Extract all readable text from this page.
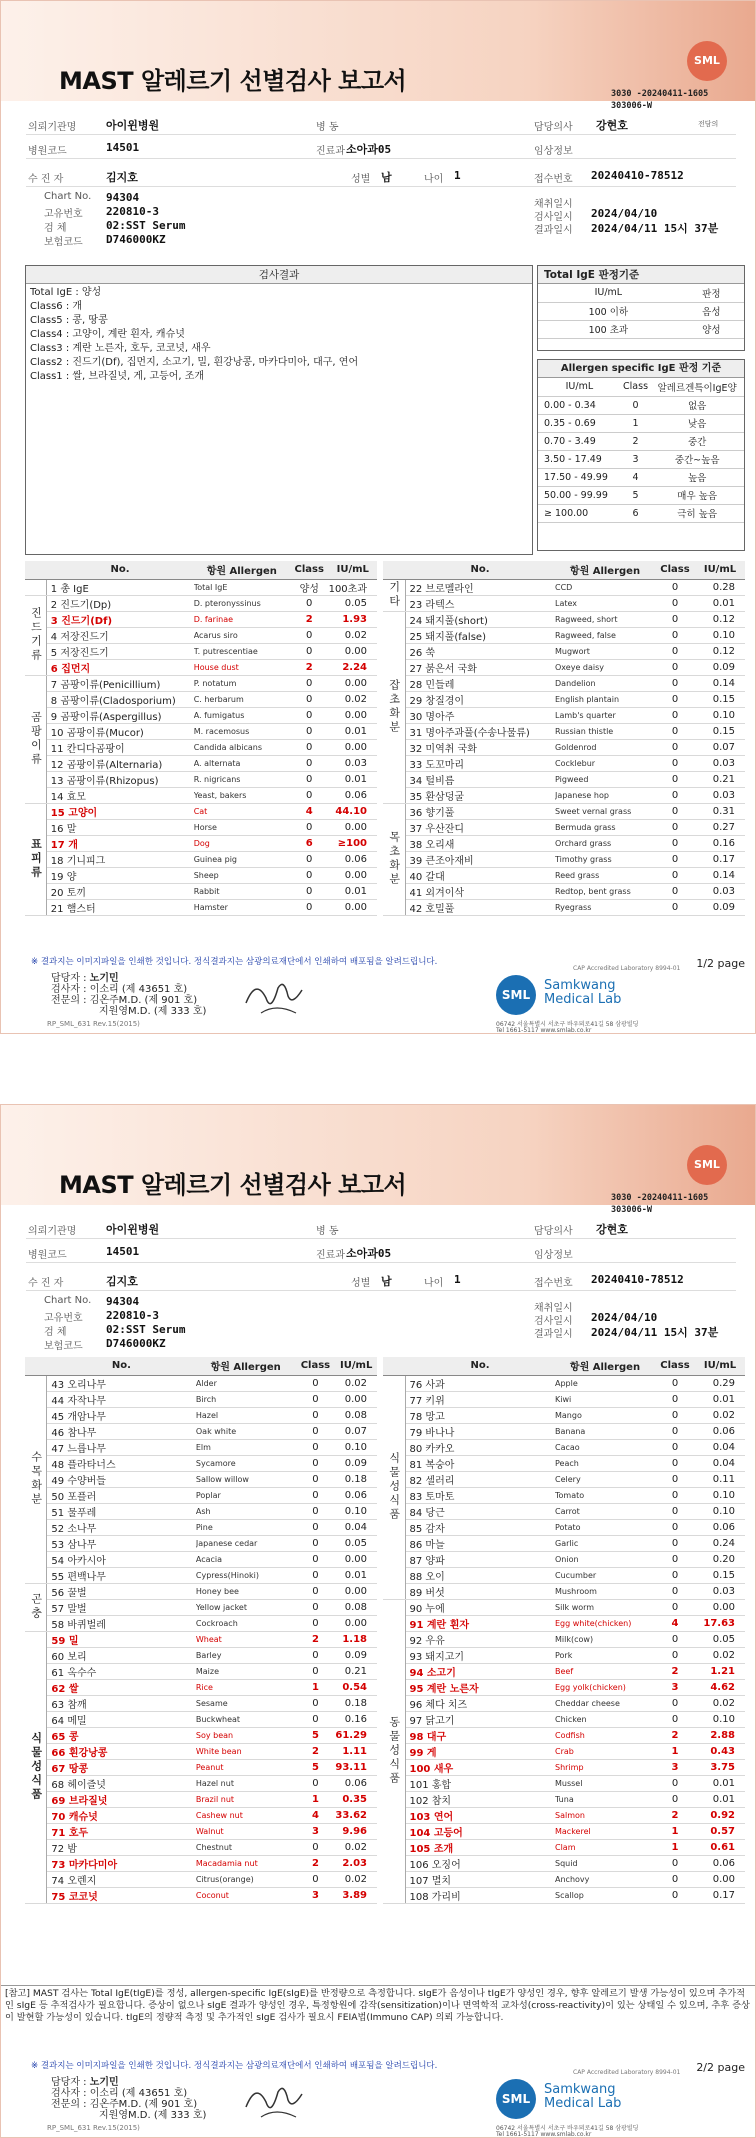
MAST 알레르기 선별검사 보고서
SML
3030 -20240411-1605
303006-W
의뢰기관명	아이윈병원	병 동	담당의사 강현호	전담의
병원코드	14501	진료과 소아과05	임상정보
수 진 자	김지호	성별 남	나이 1	접수번호 20240410-78512
Chart No. 94304
고유번호 220810-3
검 체	02:SST Serum
보험코드 D746000KZ
채취일시
검사일시 2024/04/10
결과일시 2024/04/11 15시 37분
검사결과
Total IgE : 양성
Class6 : 개
Class5 : 콩, 땅콩
Class4 : 고양이, 계란 흰자, 캐슈넛
Class3 : 계란 노른자, 호두, 코코넛, 새우
Class2 : 진드기(Df), 집먼지, 소고기, 밀, 흰강낭콩, 마카다미아, 대구, 연어
Class1 : 쌀, 브라질넛, 게, 고등어, 조개
Total IgE 판정기준
IU/mL	판정
100 이하	음성
100 초과	양성
Allergen specific IgE 판정 기준
IU/mL	Class	알레르겐특이IgE양
0.00 - 0.34	0	없음
0.35 - 0.69	1	낮음
0.70 - 3.49	2	중간
3.50 - 17.49	3	중간~높음
17.50 - 49.99	4	높음
50.00 - 99.99	5	매우 높음
≥ 100.00	6	극히 높음
	No.	항원 Allergen	Class	IU/mL
	1 총 IgE	Total IgE	양성	100초과
진드기류	2 진드기(Dp)	D. pteronyssinus	0	0.05
	3 진드기(Df)	D. farinae	2	1.93
	4 저장진드기	Acarus siro	0	0.02
	5 저장진드기	T. putrescentiae	0	0.00
	6 집먼지	House dust	2	2.24
곰팡이류	7 곰팡이류(Penicillium)	P. notatum	0	0.00
	8 곰팡이류(Cladosporium)	C. herbarum	0	0.02
	9 곰팡이류(Aspergillus)	A. fumigatus	0	0.00
	10 곰팡이류(Mucor)	M. racemosus	0	0.01
	11 칸디다곰팡이	Candida albicans	0	0.00
	12 곰팡이류(Alternaria)	A. alternata	0	0.03
	13 곰팡이류(Rhizopus)	R. nigricans	0	0.01
	14 효모	Yeast, bakers	0	0.06
표피류	15 고양이	Cat	4	44.10
	16 말	Horse	0	0.00
	17 개	Dog	6	≥100
	18 기니피그	Guinea pig	0	0.06
	19 양	Sheep	0	0.00
	20 토끼	Rabbit	0	0.01
	21 햄스터	Hamster	0	0.00
	No.	항원 Allergen	Class	IU/mL
기타	22 브로멜라인	CCD	0	0.28
	23 라텍스	Latex	0	0.01
잡초화분	24 돼지풀(short)	Ragweed, short	0	0.12
	25 돼지풀(false)	Ragweed, false	0	0.10
	26 쑥	Mugwort	0	0.12
	27 붉은서 국화	Oxeye daisy	0	0.09
	28 민들레	Dandelion	0	0.14
	29 창질경이	English plantain	0	0.15
	30 명아주	Lamb's quarter	0	0.10
	31 명아주과풀(수송나물류)	Russian thistle	0	0.15
	32 미역취 국화	Goldenrod	0	0.07
	33 도꼬마리	Cocklebur	0	0.03
	34 털비름	Pigweed	0	0.21
	35 환삼덩굴	Japanese hop	0	0.03
목초화분	36 향기풀	Sweet vernal grass	0	0.31
	37 우산잔디	Bermuda grass	0	0.27
	38 오리새	Orchard grass	0	0.16
	39 큰조아재비	Timothy grass	0	0.17
	40 갈대	Reed grass	0	0.14
	41 외겨이삭	Redtop, bent grass	0	0.03
	42 호밀풀	Ryegrass	0	0.09
※ 결과지는 이미지파일을 인쇄한 것입니다. 정식결과지는 삼광의료재단에서 인쇄하여 배포됨을 알려드립니다.
CAP Accredited Laboratory 8994-01 1/2 page
담당자 : 노기민
검사자 : 이소리 (제 43651 호)
전문의 : 김온주M.D. (제 901 호)
지원영M.D. (제 333 호)
SML
Samkwang
Medical Lab
06742 서울특별시 서초구 바우뫼로41길 58 삼광빌딩
Tel 1661-5117 www.smlab.co.kr
RP_SML_631 Rev.15(2015)
MAST 알레르기 선별검사 보고서
SML
3030 -20240411-1605
303006-W
의뢰기관명	아이윈병원	병 동	담당의사 강현호
병원코드	14501	진료과 소아과05	임상정보
수 진 자	김지호	성별 남	나이 1	접수번호 20240410-78512
Chart No. 94304
고유번호 220810-3
검 체	02:SST Serum
보험코드 D746000KZ
채취일시
검사일시 2024/04/10
결과일시 2024/04/11 15시 37분
	No.	항원 Allergen	Class	IU/mL
수목화분	43 오리나무	Alder	0	0.02
	44 자작나무	Birch	0	0.00
	45 개암나무	Hazel	0	0.08
	46 참나무	Oak white	0	0.07
	47 느릅나무	Elm	0	0.10
	48 플라타너스	Sycamore	0	0.09
	49 수양버들	Sallow willow	0	0.18
	50 포플러	Poplar	0	0.06
	51 물푸레	Ash	0	0.10
	52 소나무	Pine	0	0.04
	53 삼나무	Japanese cedar	0	0.05
	54 아카시아	Acacia	0	0.00
	55 편백나무	Cypress(Hinoki)	0	0.01
곤충	56 꿀벌	Honey bee	0	0.00
	57 말벌	Yellow jacket	0	0.08
	58 바퀴벌레	Cockroach	0	0.00
식물성식품	59 밀	Wheat	2	1.18
	60 보리	Barley	0	0.09
	61 옥수수	Maize	0	0.21
	62 쌀	Rice	1	0.54
	63 참깨	Sesame	0	0.18
	64 메밀	Buckwheat	0	0.16
	65 콩	Soy bean	5	61.29
	66 흰강낭콩	White bean	2	1.11
	67 땅콩	Peanut	5	93.11
	68 헤이즐넛	Hazel nut	0	0.06
	69 브라질넛	Brazil nut	1	0.35
	70 캐슈넛	Cashew nut	4	33.62
	71 호두	Walnut	3	9.96
	72 밤	Chestnut	0	0.02
	73 마카다미아	Macadamia nut	2	2.03
	74 오렌지	Citrus(orange)	0	0.02
	75 코코넛	Coconut	3	3.89
	No.	항원 Allergen	Class	IU/mL
식물성식품	76 사과	Apple	0	0.29
	77 키위	Kiwi	0	0.01
	78 망고	Mango	0	0.02
	79 바나나	Banana	0	0.06
	80 카카오	Cacao	0	0.04
	81 복숭아	Peach	0	0.04
	82 셀러리	Celery	0	0.11
	83 토마토	Tomato	0	0.10
	84 당근	Carrot	0	0.10
	85 감자	Potato	0	0.06
	86 마늘	Garlic	0	0.24
	87 양파	Onion	0	0.20
	88 오이	Cucumber	0	0.15
	89 버섯	Mushroom	0	0.03
동물성식품	90 누에	Silk worm	0	0.00
	91 계란 흰자	Egg white(chicken)	4	17.63
	92 우유	Milk(cow)	0	0.05
	93 돼지고기	Pork	0	0.02
	94 소고기	Beef	2	1.21
	95 계란 노른자	Egg yolk(chicken)	3	4.62
	96 체다 치즈	Cheddar cheese	0	0.02
	97 닭고기	Chicken	0	0.10
	98 대구	Codfish	2	2.88
	99 게	Crab	1	0.43
	100 새우	Shrimp	3	3.75
	101 홍합	Mussel	0	0.01
	102 참치	Tuna	0	0.01
	103 연어	Salmon	2	0.92
	104 고등어	Mackerel	1	0.57
	105 조개	Clam	1	0.61
	106 오징어	Squid	0	0.06
	107 멸치	Anchovy	0	0.00
	108 가리비	Scallop	0	0.17
[참고] MAST 검사는 Total IgE(tIgE)를 정성, allergen-specific IgE(sIgE)를 반정량으로 측정합니다. sIgE가 음성이나 tIgE가 양성인 경우, 향후 알레르기 발생 가능성이 있으며 추가적인 sIgE 등 추적검사가 필요합니다. 증상이 없으나 sIgE 결과가 양성인 경우, 특정항원에 감작(sensitization)이나 면역학적 교차성(cross-reactivity)이 있는 상태일 수 있으며, 추후 증상이 발현할 가능성이 있습니다. tIgE의 정량적 측정 및 추가적인 sIgE 검사가 필요시 FEIA법(Immuno CAP) 의뢰 가능합니다.
※ 결과지는 이미지파일을 인쇄한 것입니다. 정식결과지는 삼광의료재단에서 인쇄하여 배포됨을 알려드립니다.
CAP Accredited Laboratory 8994-01 2/2 page
담당자 : 노기민
검사자 : 이소리 (제 43651 호)
전문의 : 김온주M.D. (제 901 호)
지원영M.D. (제 333 호)
SML
Samkwang
Medical Lab
06742 서울특별시 서초구 바우뫼로41길 58 삼광빌딩
Tel 1661-5117 www.smlab.co.kr
RP_SML_631 Rev.15(2015)
